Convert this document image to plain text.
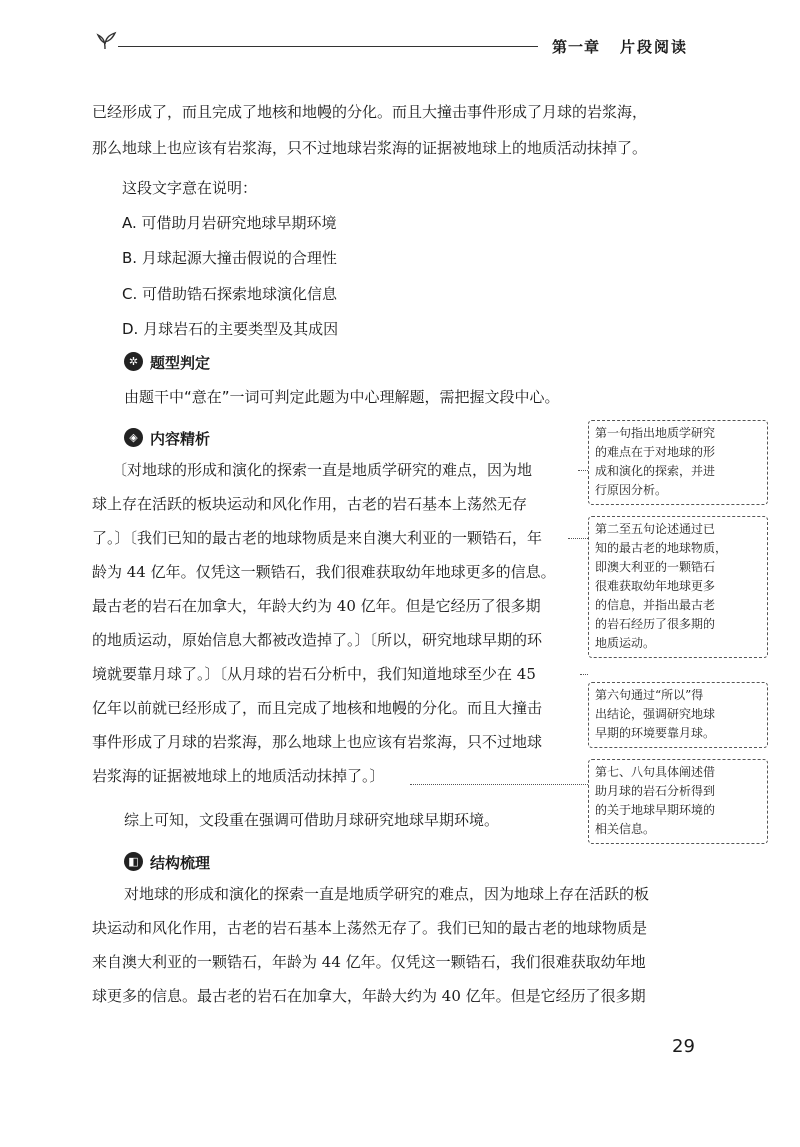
第一章 片段阅读
已经形成了，而且完成了地核和地幔的分化。而且大撞击事件形成了月球的岩浆海，
那么地球上也应该有岩浆海，只不过地球岩浆海的证据被地球上的地质活动抹掉了。
这段文字意在说明：
A. 可借助月岩研究地球早期环境
B. 月球起源大撞击假说的合理性
C. 可借助锆石探索地球演化信息
D. 月球岩石的主要类型及其成因
✲ 题型判定
由题干中“意在”一词可判定此题为中心理解题，需把握文段中心。
◈ 内容精析
〔对地球的形成和演化的探索一直是地质学研究的难点，因为地
球上存在活跃的板块运动和风化作用，古老的岩石基本上荡然无存
了。〕〔我们已知的最古老的地球物质是来自澳大利亚的一颗锆石，年
龄为 44 亿年。仅凭这一颗锆石，我们很难获取幼年地球更多的信息。
最古老的岩石在加拿大，年龄大约为 40 亿年。但是它经历了很多期
的地质运动，原始信息大都被改造掉了。〕〔所以，研究地球早期的环
境就要靠月球了。〕〔从月球的岩石分析中，我们知道地球至少在 45
亿年以前就已经形成了，而且完成了地核和地幔的分化。而且大撞击
事件形成了月球的岩浆海，那么地球上也应该有岩浆海，只不过地球
岩浆海的证据被地球上的地质活动抹掉了。〕
第一句指出地质学研究
的难点在于对地球的形
成和演化的探索，并进
行原因分析。
第二至五句论述通过已
知的最古老的地球物质，
即澳大利亚的一颗锆石
很难获取幼年地球更多
的信息，并指出最古老
的岩石经历了很多期的
地质运动。
第六句通过“所以”得
出结论，强调研究地球
早期的环境要靠月球。
第七、八句具体阐述借
助月球的岩石分析得到
的关于地球早期环境的
相关信息。
综上可知，文段重在强调可借助月球研究地球早期环境。
◧ 结构梳理
对地球的形成和演化的探索一直是地质学研究的难点，因为地球上存在活跃的板
块运动和风化作用，古老的岩石基本上荡然无存了。我们已知的最古老的地球物质是
来自澳大利亚的一颗锆石，年龄为 44 亿年。仅凭这一颗锆石，我们很难获取幼年地
球更多的信息。最古老的岩石在加拿大，年龄大约为 40 亿年。但是它经历了很多期
29
